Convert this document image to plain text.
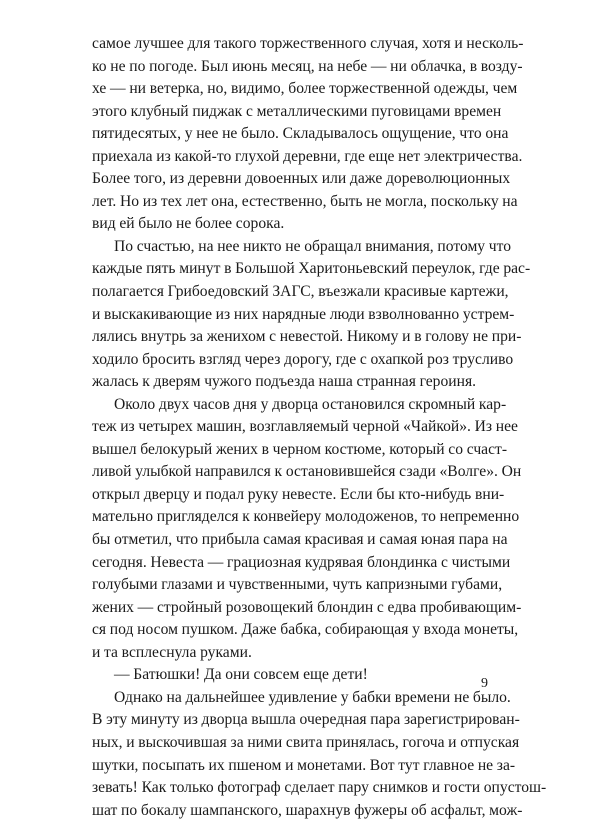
самое лучшее для такого торжественного случая, хотя и несколь-
ко не по погоде. Был июнь месяц, на небе — ни облачка, в возду-
хе — ни ветерка, но, видимо, более торжественной одежды, чем
этого клубный пиджак с металлическими пуговицами времен
пятидесятых, у нее не было. Складывалось ощущение, что она
приехала из какой-то глухой деревни, где еще нет электричества.
Более того, из деревни довоенных или даже дореволюционных
лет. Но из тех лет она, естественно, быть не могла, поскольку на
вид ей было не более сорока.
По счастью, на нее никто не обращал внимания, потому что
каждые пять минут в Большой Харитоньевский переулок, где рас-
полагается Грибоедовский ЗАГС, въезжали красивые картежи,
и выскакивающие из них нарядные люди взволнованно устрем-
лялись внутрь за женихом с невестой. Никому и в голову не при-
ходило бросить взгляд через дорогу, где с охапкой роз трусливо
жалась к дверям чужого подъезда наша странная героиня.
Около двух часов дня у дворца остановился скромный кар-
теж из четырех машин, возглавляемый черной «Чайкой». Из нее
вышел белокурый жених в черном костюме, который со счаст-
ливой улыбкой направился к остановившейся сзади «Волге». Он
открыл дверцу и подал руку невесте. Если бы кто-нибудь вни-
мательно пригляделся к конвейеру молодоженов, то непременно
бы отметил, что прибыла самая красивая и самая юная пара на
сегодня. Невеста — грациозная кудрявая блондинка с чистыми
голубыми глазами и чувственными, чуть капризными губами,
жених — стройный розовощекий блондин с едва пробивающим-
ся под носом пушком. Даже бабка, собирающая у входа монеты,
и та всплеснула руками.
— Батюшки! Да они совсем еще дети!
Однако на дальнейшее удивление у бабки времени не было.
В эту минуту из дворца вышла очередная пара зарегистрирован-
ных, и выскочившая за ними свита принялась, гогоча и отпуская
шутки, посыпать их пшеном и монетами. Вот тут главное не за-
зевать! Как только фотограф сделает пару снимков и гости опустош-
шат по бокалу шампанского, шарахнув фужеры об асфальт, мож-
9
